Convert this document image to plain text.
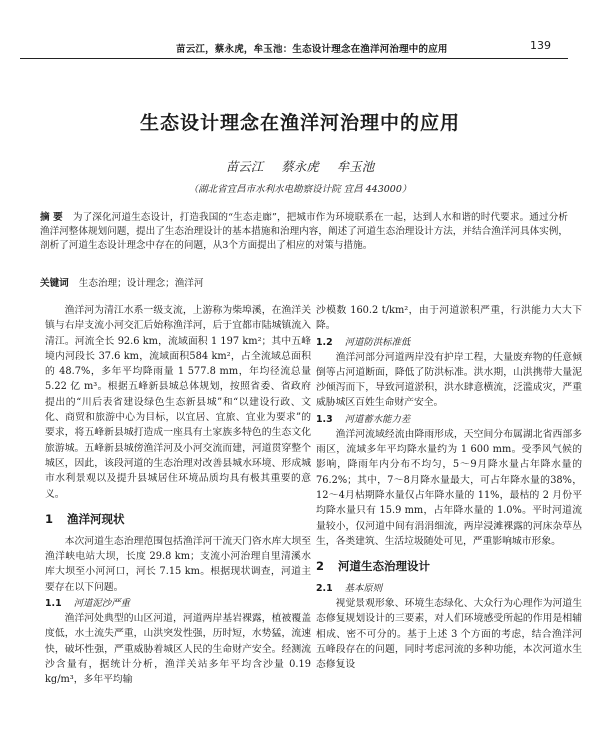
苗云江，蔡永虎，牟玉池：生态设计理念在渔洋河治理中的应用	139
生态设计理念在渔洋河治理中的应用
苗云江 蔡永虎 牟玉池
（湖北省宜昌市水利水电勘察设计院 宜昌 443000）
摘 要 为了深化河道生态设计，打造我国的“生态走廊”，把城市作为环境联系在一起，达到人水和谐的时代要求。通过分析渔洋河整体规划问题，提出了生态治理设计的基本措施和治理内容，阐述了河道生态治理设计方法，并结合渔洋河具体实例，剖析了河道生态设计理念中存在的问题，从3个方面提出了相应的对策与措施。
关键词 生态治理；设计理念；渔洋河

渔洋河为清江水系一级支流，上游称为柴埠溪，在渔洋关镇与右岸支流小河交汇后始称渔洋河，后于宜都市陆城镇流入清江。河流全长 92.6 km，流域面积 1 197 km²；其中五峰境内河段长 37.6 km，流域面积584 km²，占全流域总面积的 48.7%，多年平均降雨量 1 577.8 mm，年均径流总量 5.22 亿 m³。根据五峰新县城总体规划，按照省委、省政府提出的“川后表省建设绿色生态新县城”和“以建设行政、文化、商贸和旅游中心为目标，以宜居、宜旅、宜业为要求”的要求，将五峰新县城打造成一座具有土家族多特色的生态文化旅游城。五峰新县城傍渔洋河及小河交流而建，河道贯穿整个城区，因此，该段河道的生态治理对改善县城水环境、形成城市水利景观以及提升县城居住环境品质均具有极其重要的意义。

1 渔洋河现状

本次河道生态治理范围包括渔洋河干流天门咨水库大坝至渔洋峡电站大坝，长度 29.8 km；支流小河治理自里清溪水库大坝至小河河口，河长 7.15 km。根据现状调查，河道主要存在以下问题。

1.1 河道泥沙严重

渔洋河处典型的山区河道，河道两岸基岩裸露，植被覆盖度低，水土流失严重，山洪突发性强，历时短，水势猛，流速快，破坏性强，严重威胁着城区人民的生命财产安全。经测流沙含量有，据统计分析，渔洋关站多年平均含沙量 0.19 kg/m³，多年平均输

沙模数 160.2 t/km²，由于河道淤积严重，行洪能力大大下降。

1.2 河道防洪标准低

渔洋河部分河道两岸没有护岸工程，大量废弃物的任意倾倒等占河道断面，降低了防洪标准。洪水期，山洪携带大量泥沙倾泻而下，导致河道淤积，洪水肆意横流，泛滥成灾，严重威胁城区百姓生命财产安全。

1.3 河道蓄水能力差

渔洋河流域经流由降雨形成，天空间分布属湖北省西部多雨区，流域多年平均降水量约为 1 600 mm。受季风气候的影响，降雨年内分布不均匀，5～9月降水量占年降水量的 76.2%；其中，7～8月降水量最大，可占年降水量的38%，12～4月枯期降水量仅占年降水量的 11%，最枯的 2 月份平均降水量只有 15.9 mm，占年降水量的 1.0%。平时河道流量较小，仅河道中间有涓涓细流，两岸浸滩裸露的河床杂草丛生，各类建筑、生活垃圾随处可见，严重影响城市形象。

2 河道生态治理设计
2.1 基本原则

视觉景观形象、环境生态绿化、大众行为心理作为河道生态修复规划设计的三要素，对人们环境感受所起的作用是相辅相成、密不可分的。基于上述 3 个方面的考虑，结合渔洋河五峰段存在的问题，同时考虑河流的多种功能，本次河道水生态修复设
